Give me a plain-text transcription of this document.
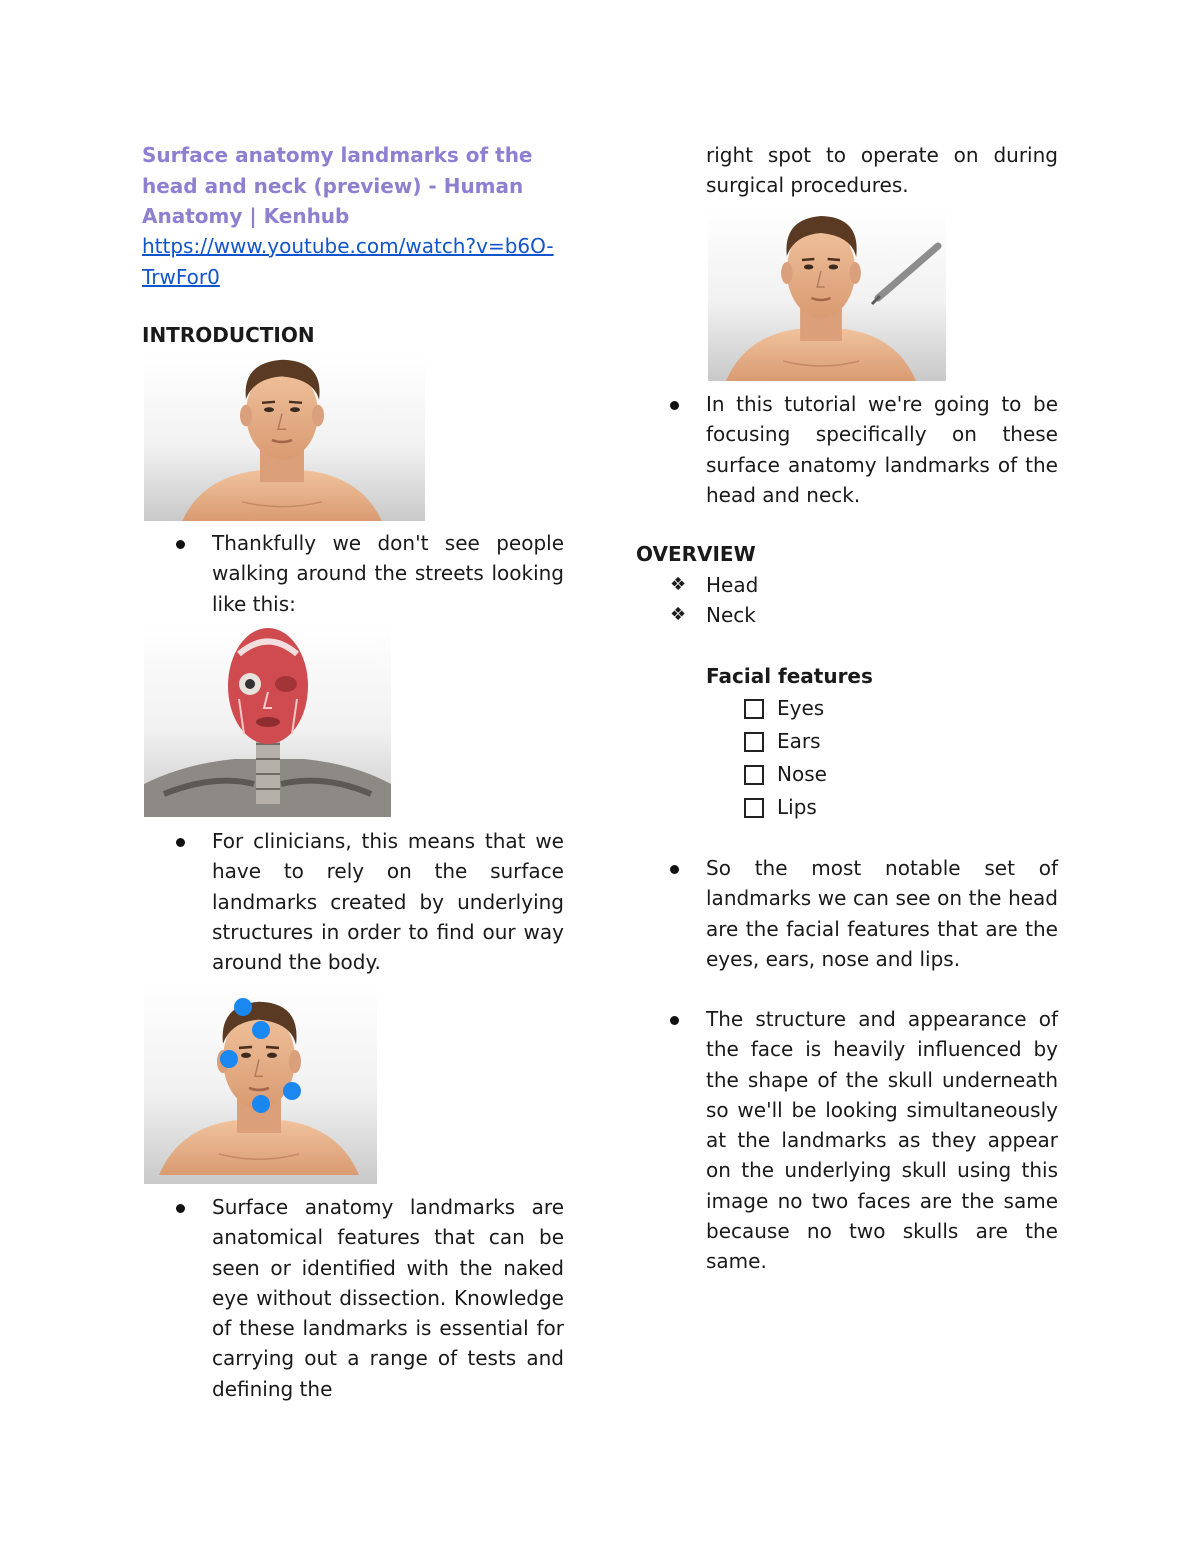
Surface anatomy landmarks of the head and neck (preview) - Human Anatomy | Kenhub
https://www.youtube.com/watch?v=b6O-TrwFor0
INTRODUCTION
Thankfully we don't see people walking around the streets looking like this:
For clinicians, this means that we have to rely on the surface landmarks created by underlying structures in order to find our way around the body.
Surface anatomy landmarks are anatomical features that can be seen or identified with the naked eye without dissection. Knowledge of these landmarks is essential for carrying out a range of tests and defining the
right spot to operate on during surgical procedures.
In this tutorial we're going to be focusing specifically on these surface anatomy landmarks of the head and neck.
OVERVIEW
❖ Head
❖ Neck
Facial features
Eyes
Ears
Nose
Lips
So the most notable set of landmarks we can see on the head are the facial features that are the eyes, ears, nose and lips.
The structure and appearance of the face is heavily influenced by the shape of the skull underneath so we'll be looking simultaneously at the landmarks as they appear on the underlying skull using this image no two faces are the same because no two skulls are the same.
